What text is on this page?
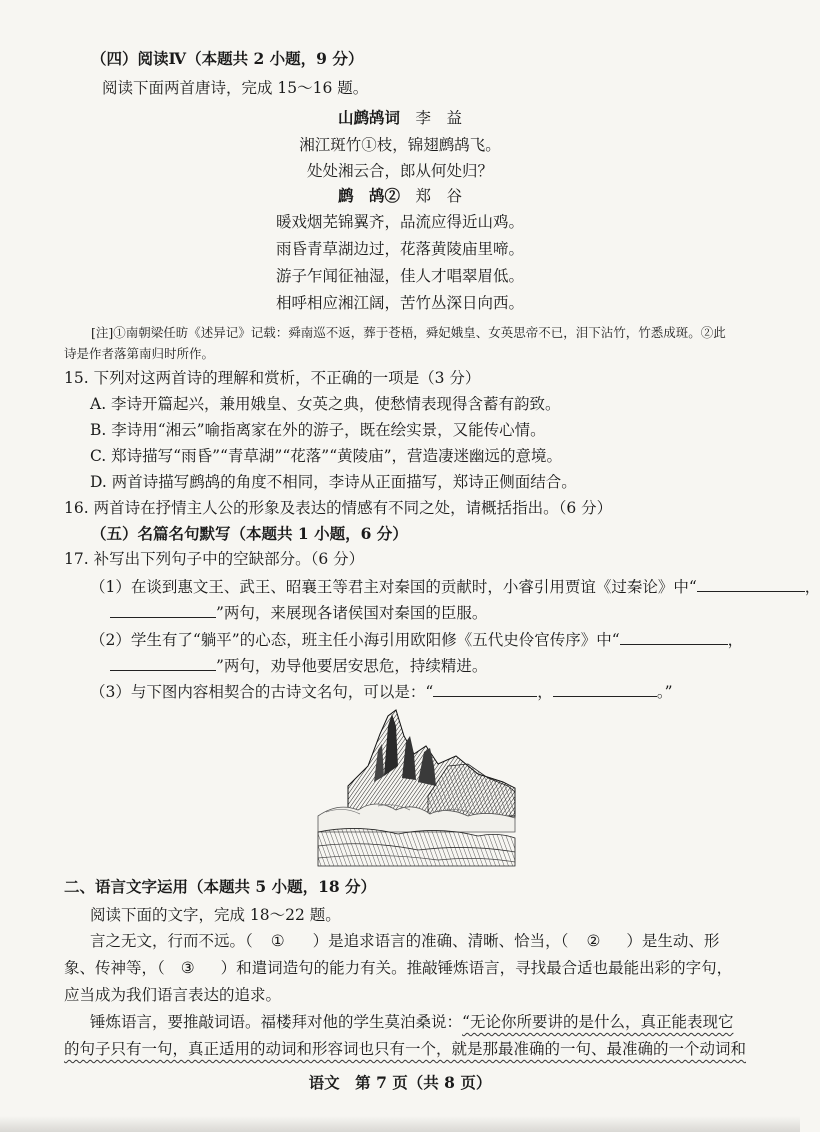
（四）阅读Ⅳ（本题共 2 小题，9 分）
阅读下面两首唐诗，完成 15～16 题。
山鹧鸪词　 李　益
湘江斑竹①枝，锦翅鹧鸪飞。
处处湘云合，郎从何处归？
鹧　鸪②　 郑　谷
暖戏烟芜锦翼齐，品流应得近山鸡。
雨昏青草湖边过，花落黄陵庙里啼。
游子乍闻征袖湿，佳人才唱翠眉低。
相呼相应湘江阔，苦竹丛深日向西。
[注]①南朝梁任昉《述异记》记载：舜南巡不返，葬于苍梧，舜妃娥皇、女英思帝不已，泪下沾竹，竹悉成斑。②此
诗是作者落第南归时所作。
15. 下列对这两首诗的理解和赏析，不正确的一项是（3 分）
A. 李诗开篇起兴，兼用娥皇、女英之典，使愁情表现得含蓄有韵致。
B. 李诗用“湘云”喻指离家在外的游子，既在绘实景，又能传心情。
C. 郑诗描写“雨昏”“青草湖”“花落”“黄陵庙”，营造凄迷幽远的意境。
D. 两首诗描写鹧鸪的角度不相同，李诗从正面描写，郑诗正侧面结合。
16. 两首诗在抒情主人公的形象及表达的情感有不同之处，请概括指出。（6 分）
（五）名篇名句默写（本题共 1 小题，6 分）
17. 补写出下列句子中的空缺部分。（6 分）
（1）在谈到惠文王、武王、昭襄王等君主对秦国的贡献时，小睿引用贾谊《过秦论》中“	，
”两句，来展现各诸侯国对秦国的臣服。
（2）学生有了“躺平”的心态，班主任小海引用欧阳修《五代史伶官传序》中“	，
”两句，劝导他要居安思危，持续精进。
（3）与下图内容相契合的古诗文名句，可以是：“	，	。”
二、语言文字运用（本题共 5 小题，18 分）
阅读下面的文字，完成 18～22 题。
言之无文，行而不远。（ ① ）是追求语言的准确、清晰、恰当，（ ② ）是生动、形
象、传神等，（ ③ ）和遣词造句的能力有关。推敲锤炼语言，寻找最合适也最能出彩的字句，
应当成为我们语言表达的追求。
锤炼语言，要推敲词语。福楼拜对他的学生莫泊桑说：“无论你所要讲的是什么，真正能表现它
的句子只有一句，真正适用的动词和形容词也只有一个，就是那最准确的一句、最准确的一个动词和
语文　第 7 页（共 8 页）
